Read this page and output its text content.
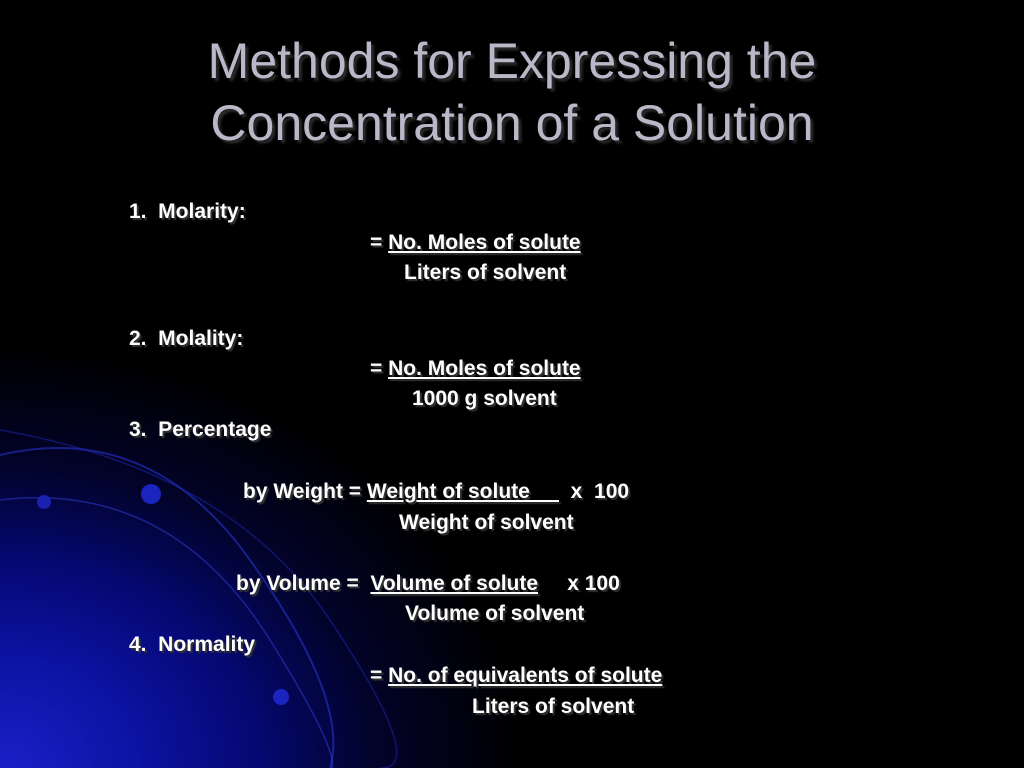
Methods for Expressing the
Concentration of a Solution
1.  Molarity:
= No. Moles of solute
Liters of solvent
2.  Molality:
= No. Moles of solute
1000 g solvent
3.  Percentage
by Weight = Weight of solute       x  100
Weight of solvent
by Volume =  Volume of solute     x 100
Volume of solvent
4.  Normality
= No. of equivalents of solute
Liters of solvent
